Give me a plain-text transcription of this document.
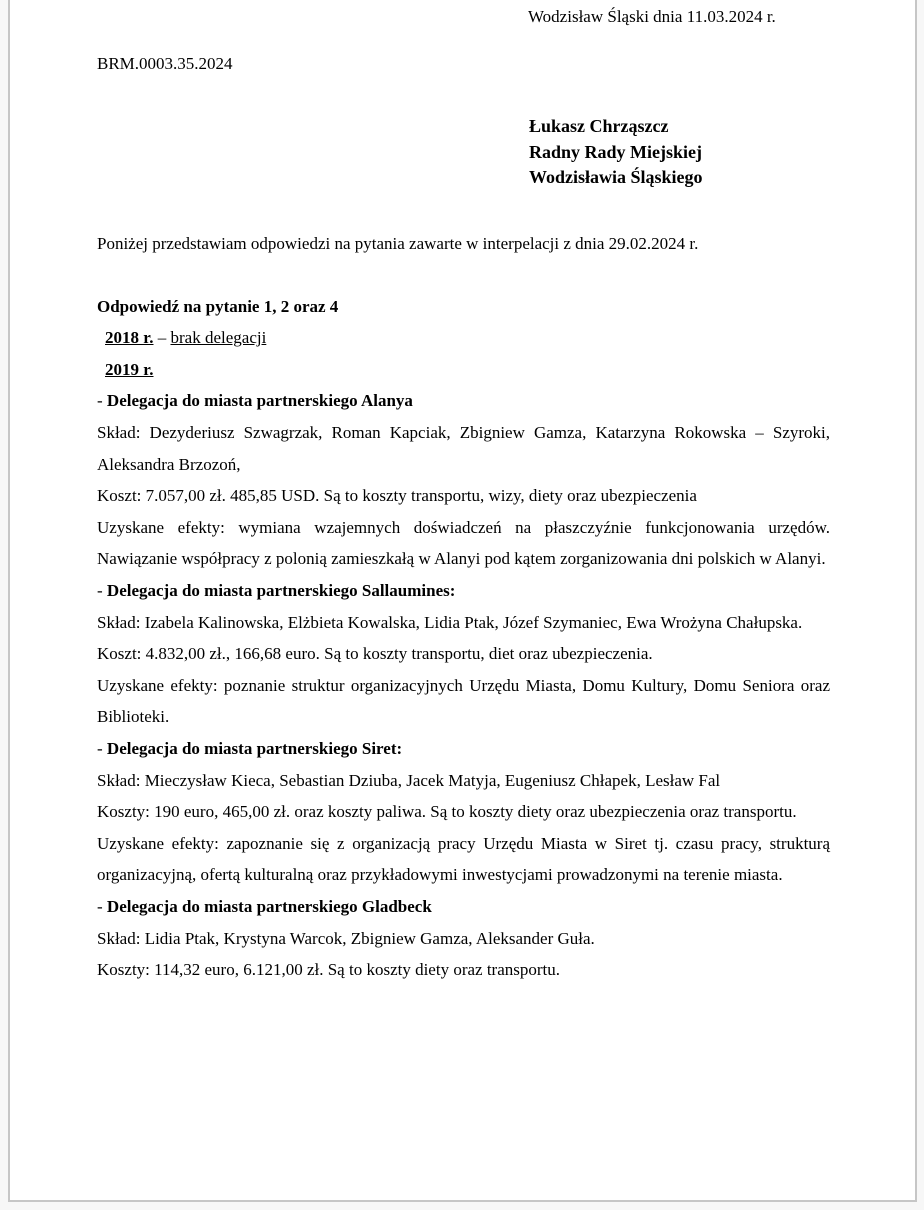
Wodzisław Śląski dnia 11.03.2024 r.
BRM.0003.35.2024
Łukasz Chrząszcz
Radny Rady Miejskiej
Wodzisławia Śląskiego

Poniżej przedstawiam odpowiedzi na pytania zawarte w interpelacji z dnia 29.02.2024 r.

Odpowiedź na pytanie 1, 2 oraz 4

2018 r. – brak delegacji

2019 r.

- Delegacja do miasta partnerskiego Alanya

Skład: Dezyderiusz Szwagrzak, Roman Kapciak, Zbigniew Gamza, Katarzyna Rokowska – Szyroki, Aleksandra Brzozoń,

Koszt: 7.057,00 zł. 485,85 USD. Są to koszty transportu, wizy, diety oraz ubezpieczenia

Uzyskane efekty: wymiana wzajemnych doświadczeń na płaszczyźnie funkcjonowania urzędów. Nawiązanie współpracy z polonią zamieszkałą w Alanyi pod kątem zorganizowania dni polskich w Alanyi.

- Delegacja do miasta partnerskiego Sallaumines:

Skład: Izabela Kalinowska, Elżbieta Kowalska, Lidia Ptak, Józef Szymaniec, Ewa Wrożyna Chałupska.

Koszt: 4.832,00 zł., 166,68 euro. Są to koszty transportu, diet oraz ubezpieczenia.

Uzyskane efekty: poznanie struktur organizacyjnych Urzędu Miasta, Domu Kultury, Domu Seniora oraz Biblioteki.

- Delegacja do miasta partnerskiego Siret:

Skład: Mieczysław Kieca, Sebastian Dziuba, Jacek Matyja, Eugeniusz Chłapek, Lesław Fal

Koszty: 190 euro, 465,00 zł. oraz koszty paliwa. Są to koszty diety oraz ubezpieczenia oraz transportu.

Uzyskane efekty: zapoznanie się z organizacją pracy Urzędu Miasta w Siret tj. czasu pracy, strukturą organizacyjną, ofertą kulturalną oraz przykładowymi inwestycjami prowadzonymi na terenie miasta.

- Delegacja do miasta partnerskiego Gladbeck

Skład: Lidia Ptak, Krystyna Warcok, Zbigniew Gamza, Aleksander Guła.

Koszty: 114,32 euro, 6.121,00 zł. Są to koszty diety oraz transportu.
